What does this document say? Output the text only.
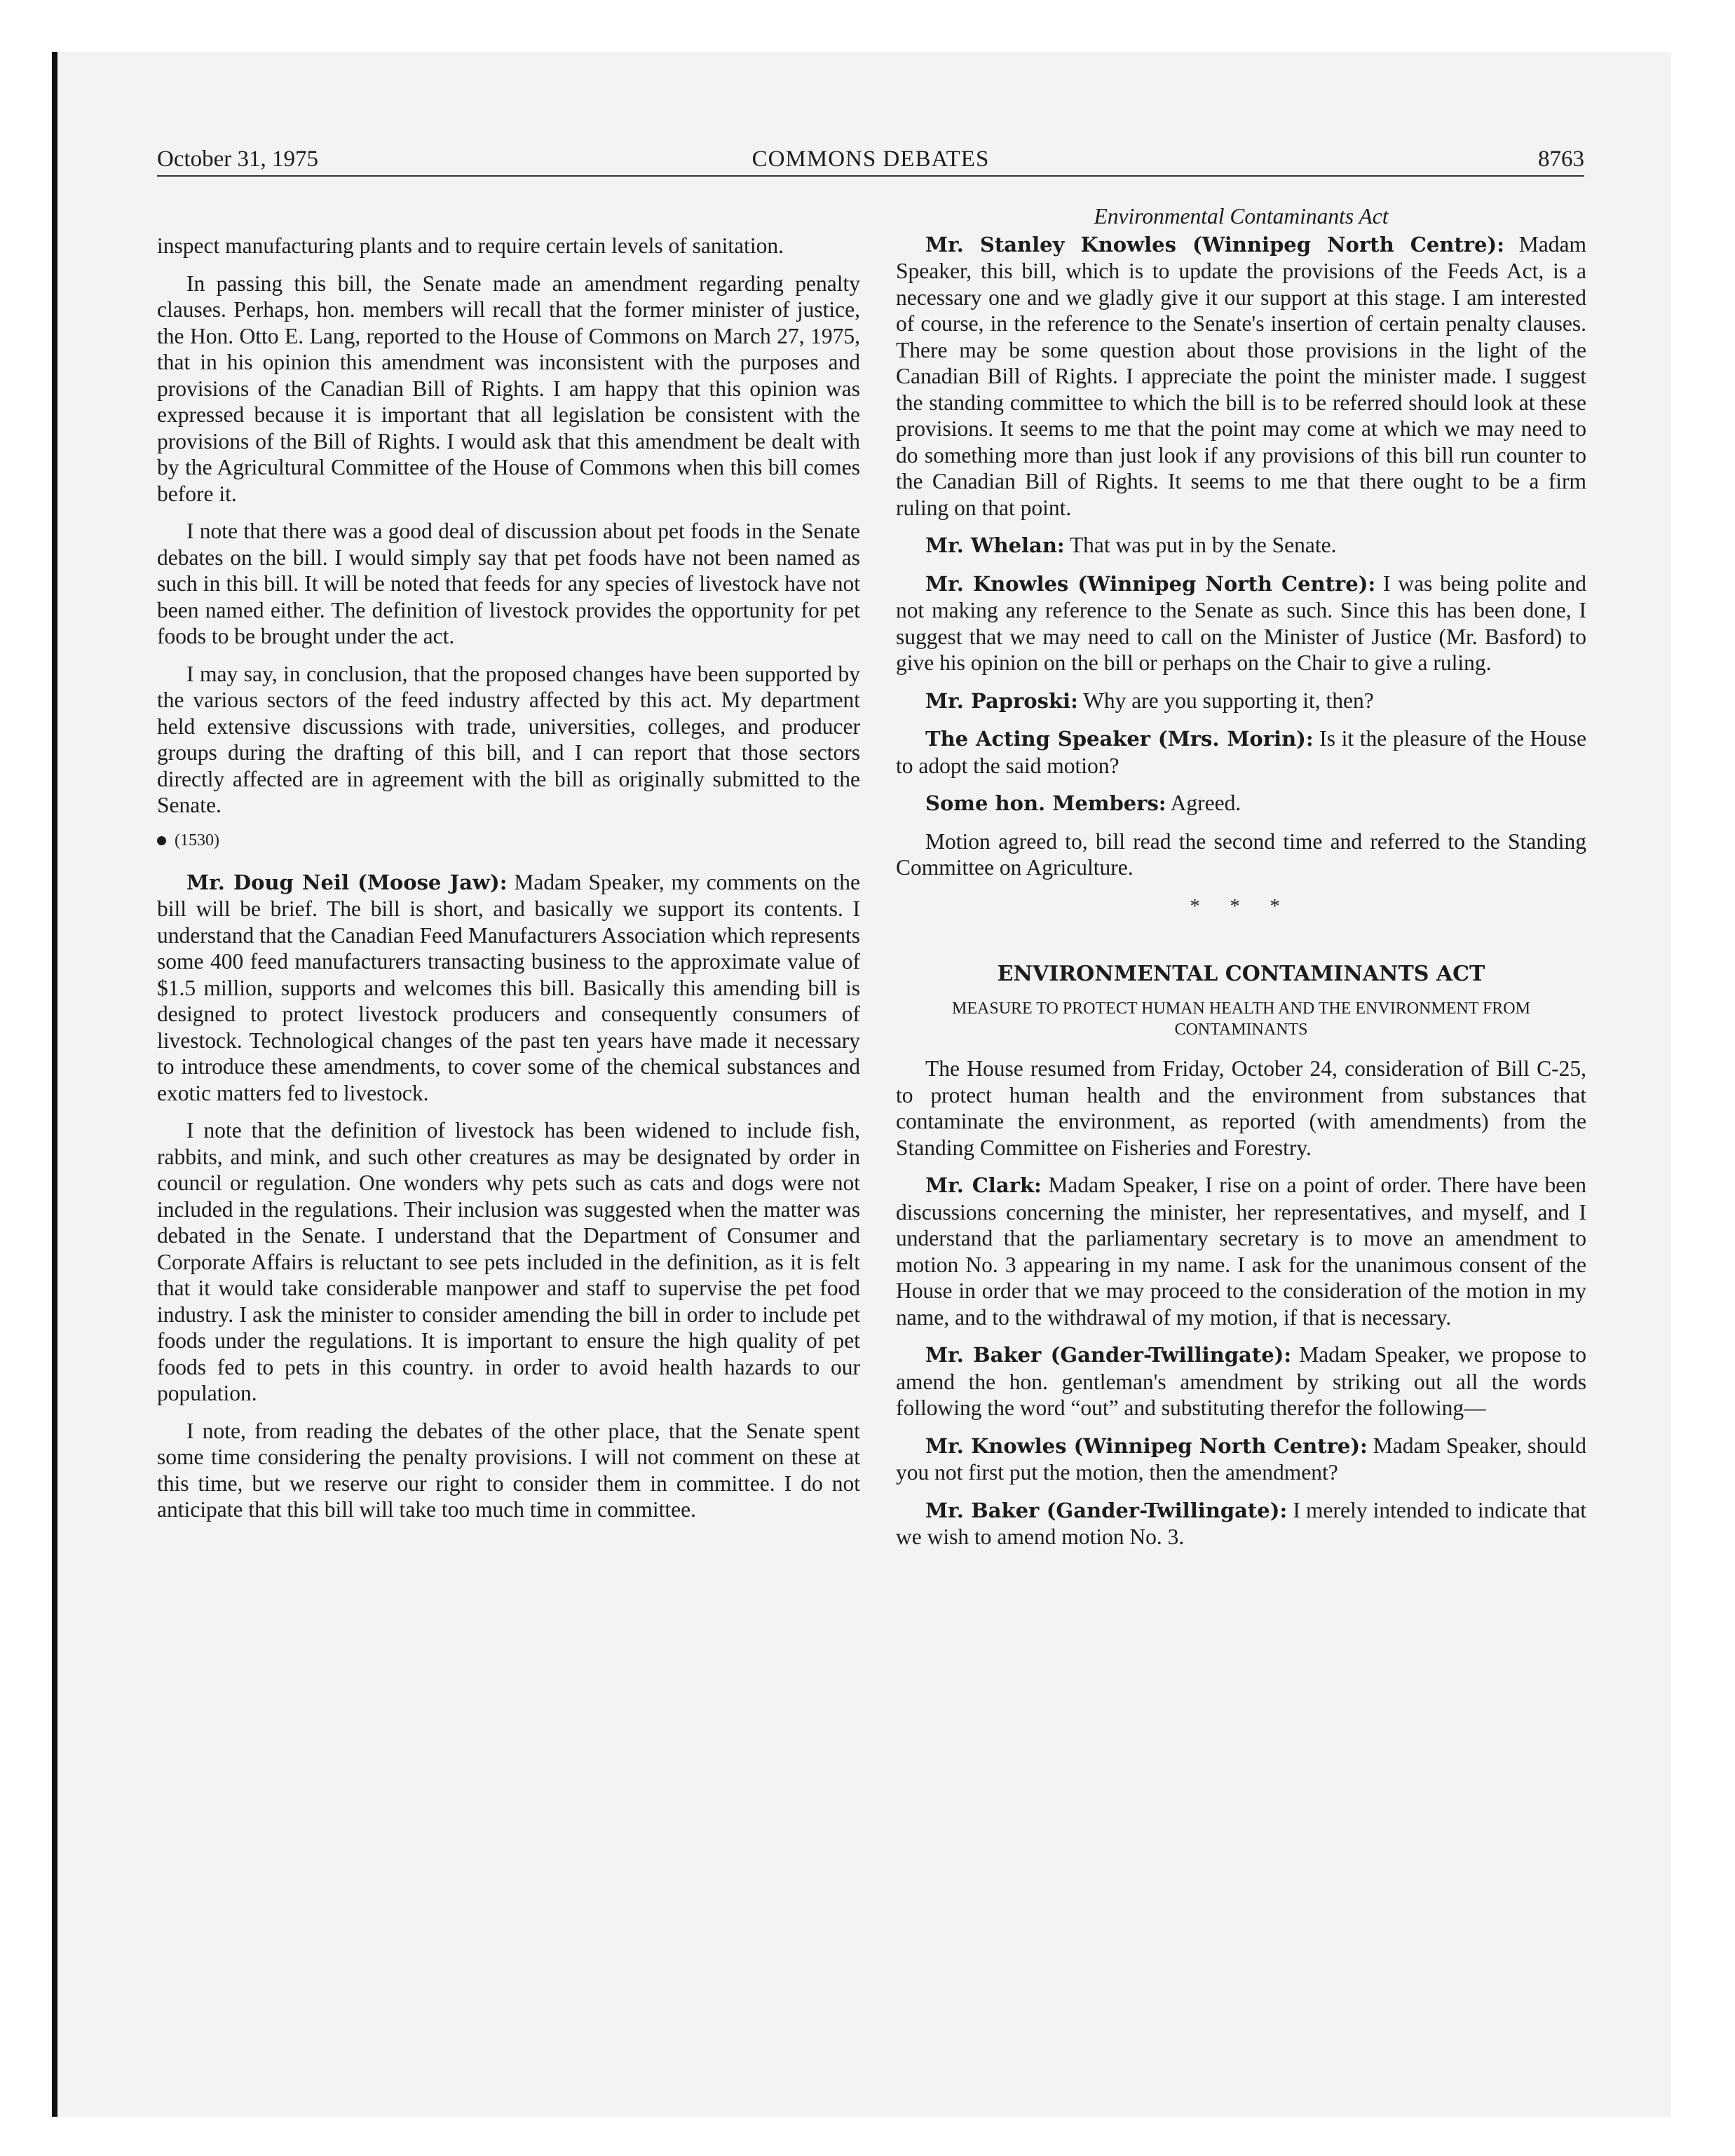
October 31, 1975	COMMONS DEBATES	8763

inspect manufacturing plants and to require certain levels of sanitation.

In passing this bill, the Senate made an amendment regarding penalty clauses. Perhaps, hon. members will recall that the former minister of justice, the Hon. Otto E. Lang, reported to the House of Commons on March 27, 1975, that in his opinion this amendment was inconsistent with the purposes and provisions of the Canadian Bill of Rights. I am happy that this opinion was expressed because it is important that all legislation be consistent with the provisions of the Bill of Rights. I would ask that this amendment be dealt with by the Agricultural Committee of the House of Commons when this bill comes before it.

I note that there was a good deal of discussion about pet foods in the Senate debates on the bill. I would simply say that pet foods have not been named as such in this bill. It will be noted that feeds for any species of livestock have not been named either. The definition of livestock provides the opportunity for pet foods to be brought under the act.

I may say, in conclusion, that the proposed changes have been supported by the various sectors of the feed industry affected by this act. My department held extensive discussions with trade, universities, colleges, and producer groups during the drafting of this bill, and I can report that those sectors directly affected are in agreement with the bill as originally submitted to the Senate.

(1530)

Mr. Doug Neil (Moose Jaw): Madam Speaker, my comments on the bill will be brief. The bill is short, and basically we support its contents. I understand that the Canadian Feed Manufacturers Association which represents some 400 feed manufacturers transacting business to the approximate value of $1.5 million, supports and welcomes this bill. Basically this amending bill is designed to protect livestock producers and consequently consumers of livestock. Technological changes of the past ten years have made it necessary to introduce these amendments, to cover some of the chemical substances and exotic matters fed to livestock.

I note that the definition of livestock has been widened to include fish, rabbits, and mink, and such other creatures as may be designated by order in council or regulation. One wonders why pets such as cats and dogs were not included in the regulations. Their inclusion was suggested when the matter was debated in the Senate. I understand that the Department of Consumer and Corporate Affairs is reluctant to see pets included in the definition, as it is felt that it would take considerable manpower and staff to supervise the pet food industry. I ask the minister to consider amending the bill in order to include pet foods under the regulations. It is important to ensure the high quality of pet foods fed to pets in this country. in order to avoid health hazards to our population.

I note, from reading the debates of the other place, that the Senate spent some time considering the penalty provisions. I will not comment on these at this time, but we reserve our right to consider them in committee. I do not anticipate that this bill will take too much time in committee.

Environmental Contaminants Act

Mr. Stanley Knowles (Winnipeg North Centre): Madam Speaker, this bill, which is to update the provisions of the Feeds Act, is a necessary one and we gladly give it our support at this stage. I am interested of course, in the reference to the Senate's insertion of certain penalty clauses. There may be some question about those provisions in the light of the Canadian Bill of Rights. I appreciate the point the minister made. I suggest the standing committee to which the bill is to be referred should look at these provisions. It seems to me that the point may come at which we may need to do something more than just look if any provisions of this bill run counter to the Canadian Bill of Rights. It seems to me that there ought to be a firm ruling on that point.

Mr. Whelan: That was put in by the Senate.

Mr. Knowles (Winnipeg North Centre): I was being polite and not making any reference to the Senate as such. Since this has been done, I suggest that we may need to call on the Minister of Justice (Mr. Basford) to give his opinion on the bill or perhaps on the Chair to give a ruling.

Mr. Paproski: Why are you supporting it, then?

The Acting Speaker (Mrs. Morin): Is it the pleasure of the House to adopt the said motion?

Some hon. Members: Agreed.

Motion agreed to, bill read the second time and referred to the Standing Committee on Agriculture.

* * *
ENVIRONMENTAL CONTAMINANTS ACT
MEASURE TO PROTECT HUMAN HEALTH AND THE ENVIRONMENT FROM CONTAMINANTS

The House resumed from Friday, October 24, consideration of Bill C-25, to protect human health and the environment from substances that contaminate the environment, as reported (with amendments) from the Standing Committee on Fisheries and Forestry.

Mr. Clark: Madam Speaker, I rise on a point of order. There have been discussions concerning the minister, her representatives, and myself, and I understand that the parliamentary secretary is to move an amendment to motion No. 3 appearing in my name. I ask for the unanimous consent of the House in order that we may proceed to the consideration of the motion in my name, and to the withdrawal of my motion, if that is necessary.

Mr. Baker (Gander-Twillingate): Madam Speaker, we propose to amend the hon. gentleman's amendment by striking out all the words following the word “out” and substituting therefor the following—

Mr. Knowles (Winnipeg North Centre): Madam Speaker, should you not first put the motion, then the amendment?

Mr. Baker (Gander-Twillingate): I merely intended to indicate that we wish to amend motion No. 3.
